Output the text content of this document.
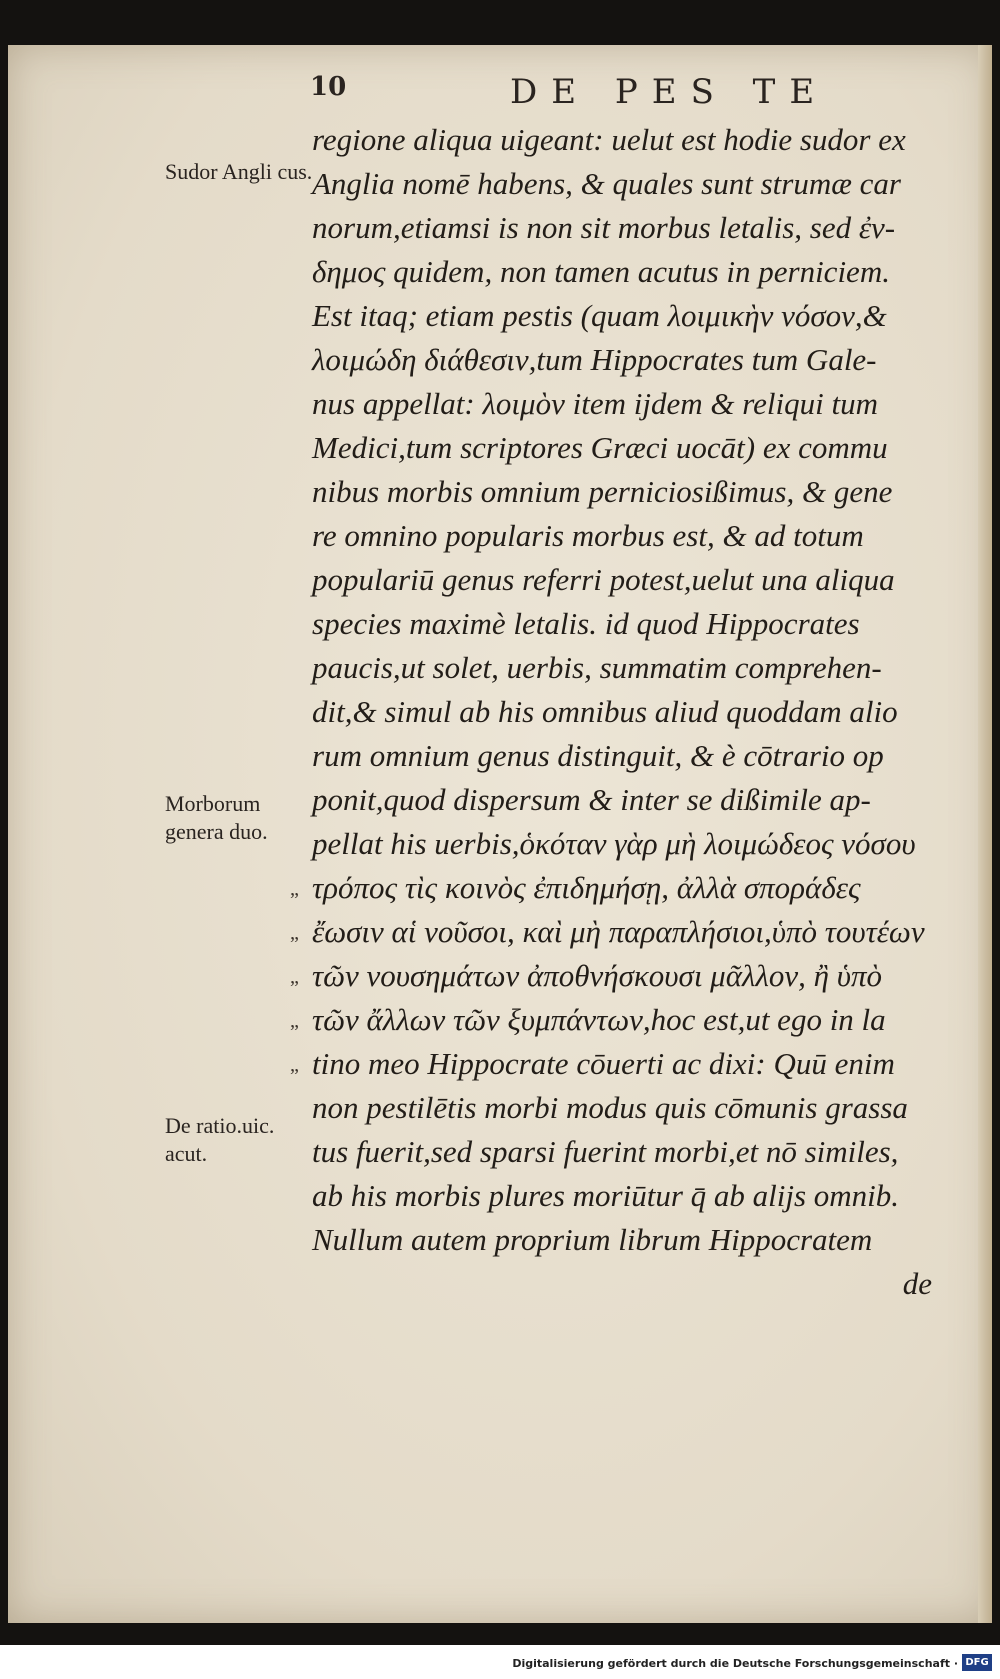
10	DE PES TE
Sudor Angli cus.
Morborum genera duo.
De ratio.uic. acut.
„
„
„
„
„
regione aliqua uigeant: uelut est hodie sudor ex
Anglia nomē habens, & quales sunt strumæ car
norum,etiamsi is non sit morbus letalis, sed ἐν-
δημος quidem, non tamen acutus in perniciem.
Est itaq; etiam pestis (quam λοιμικὴν νόσον,&
λοιμώδη διάθεσιν,tum Hippocrates tum Gale-
nus appellat: λοιμὸν item ijdem & reliqui tum
Medici,tum scriptores Græci uocāt) ex commu
nibus morbis omnium perniciosißimus, & gene
re omnino popularis morbus est, & ad totum
populariū genus referri potest,uelut una aliqua
species maximè letalis. id quod Hippocrates
paucis,ut solet, uerbis, summatim comprehen-
dit,& simul ab his omnibus aliud quoddam alio
rum omnium genus distinguit, & è cōtrario op
ponit,quod dispersum & inter se dißimile ap-
pellat his uerbis,ὁκόταν γὰρ μὴ λοιμώδεος νόσου
τρόπος τὶς κοινὸς ἐπιδημήσῃ, ἀλλὰ σποράδες
ἔωσιν αἱ νοῦσοι, καὶ μὴ παραπλήσιοι,ὑπὸ τουτέων
τῶν νουσημάτων ἀποθνήσκουσι μᾶλλον, ἢ ὑπὸ
τῶν ἄλλων τῶν ξυμπάντων,hoc est,ut ego in la
tino meo Hippocrate cōuerti ac dixi: Quū enim
non pestilētis morbi modus quis cōmunis grassa
tus fuerit,sed sparsi fuerint morbi,et nō similes,
ab his morbis plures moriūtur q̄ ab alijs omnib.
Nullum autem proprium librum Hippocratem
de
Digitalisierung gefördert durch die Deutsche Forschungsgemeinschaft · DFG
